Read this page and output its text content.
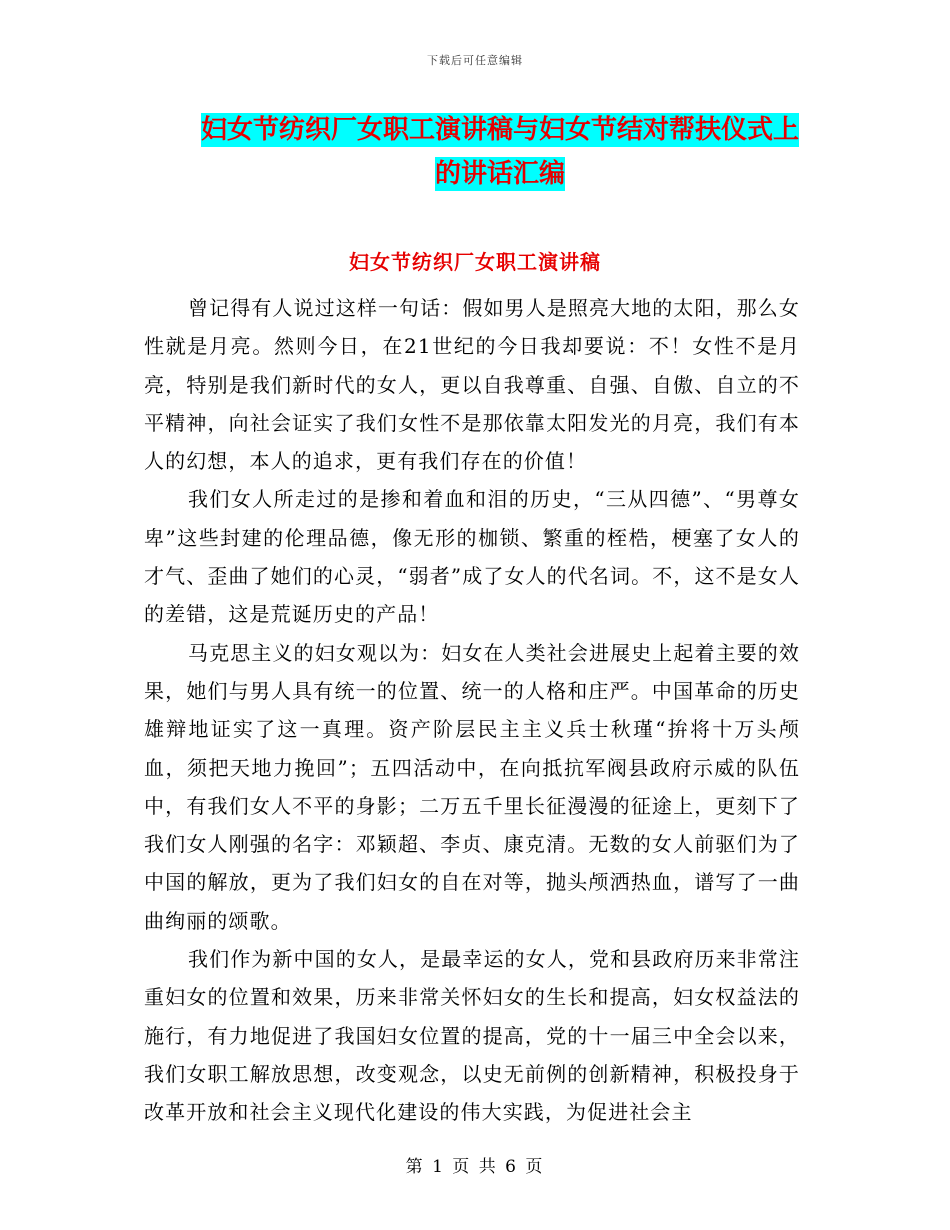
下载后可任意编辑
妇女节纺织厂女职工演讲稿与妇女节结对帮扶仪式上
的讲话汇编
妇女节纺织厂女职工演讲稿

曾记得有人说过这样一句话：假如男人是照亮大地的太阳，那么女性就是月亮。然则今日，在21世纪的今日我却要说：不！女性不是月亮，特别是我们新时代的女人，更以自我尊重、自强、自傲、自立的不平精神，向社会证实了我们女性不是那依靠太阳发光的月亮，我们有本人的幻想，本人的追求，更有我们存在的价值！

我们女人所走过的是掺和着血和泪的历史，“三从四德”、“男尊女卑”这些封建的伦理品德，像无形的枷锁、繁重的桎梏，梗塞了女人的才气、歪曲了她们的心灵，“弱者”成了女人的代名词。不，这不是女人的差错，这是荒诞历史的产品！

马克思主义的妇女观以为：妇女在人类社会进展史上起着主要的效果，她们与男人具有统一的位置、统一的人格和庄严。中国革命的历史雄辩地证实了这一真理。资产阶层民主主义兵士秋瑾“拚将十万头颅血，须把天地力挽回”；五四活动中，在向抵抗军阀县政府示威的队伍中，有我们女人不平的身影；二万五千里长征漫漫的征途上，更刻下了我们女人刚强的名字：邓颖超、李贞、康克清。无数的女人前驱们为了中国的解放，更为了我们妇女的自在对等，抛头颅洒热血，谱写了一曲曲绚丽的颂歌。

我们作为新中国的女人，是最幸运的女人，党和县政府历来非常注重妇女的位置和效果，历来非常关怀妇女的生长和提高，妇女权益法的施行，有力地促进了我国妇女位置的提高，党的十一届三中全会以来，我们女职工解放思想，改变观念，以史无前例的创新精神，积极投身于改革开放和社会主义现代化建设的伟大实践，为促进社会主

第 1 页 共 6 页
